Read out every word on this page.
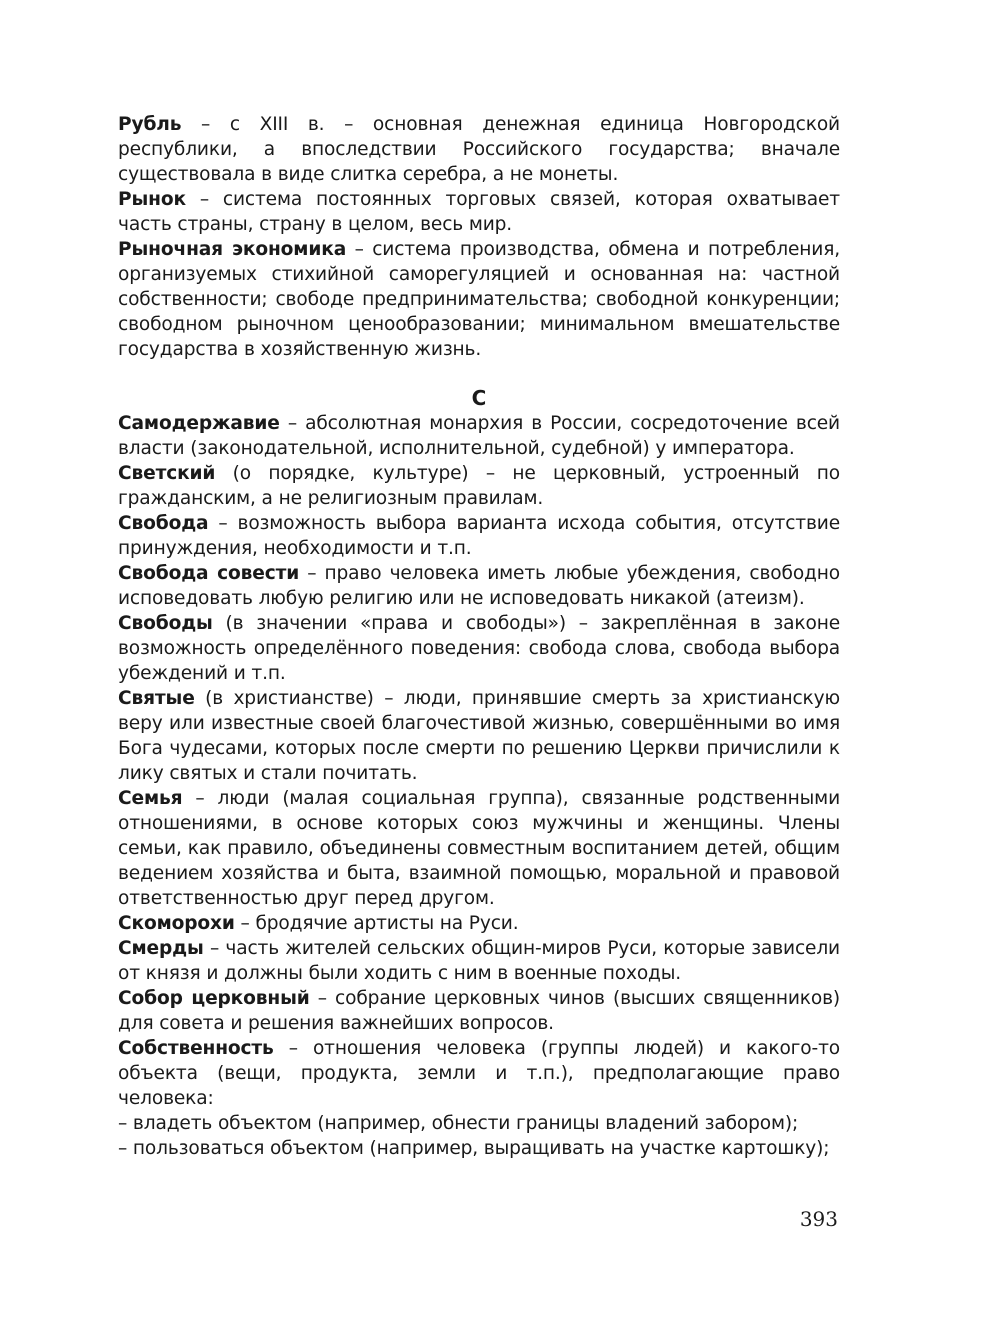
Рубль – с XIII в. – основная денежная единица Новгородской республики, а впоследствии Российского государства; вначале существовала в виде слитка серебра, а не монеты.

Рынок – система постоянных торговых связей, которая охватывает часть страны, страну в целом, весь мир.

Рыночная экономика – система производства, обмена и потребления, организуемых стихийной саморегуляцией и основанная на: частной собственности; свободе предпринимательства; свободной конкуренции; свободном рыночном ценообразовании; минимальном вмешательстве государства в хозяйственную жизнь.

С

Самодержавие – абсолютная монархия в России, сосредоточение всей власти (законодательной, исполнительной, судебной) у императора.

Светский (о порядке, культуре) – не церковный, устроенный по гражданским, а не религиозным правилам.

Свобода – возможность выбора варианта исхода события, отсутствие принуждения, необходимости и т.п.

Свобода совести – право человека иметь любые убеждения, свободно исповедовать любую религию или не исповедовать никакой (атеизм).

Свободы (в значении «права и свободы») – закреплённая в законе возможность определённого поведения: свобода слова, свобода выбора убеждений и т.п.

Святые (в христианстве) – люди, принявшие смерть за христианскую веру или известные своей благочестивой жизнью, совершёнными во имя Бога чудесами, которых после смерти по решению Церкви причислили к лику святых и стали почитать.

Семья – люди (малая социальная группа), связанные родственными отношениями, в основе которых союз мужчины и женщины. Члены семьи, как правило, объединены совместным воспитанием детей, общим ведением хозяйства и быта, взаимной помощью, моральной и правовой ответственностью друг перед другом.

Скоморохи – бродячие артисты на Руси.

Смерды – часть жителей сельских общин-миров Руси, которые зависели от князя и должны были ходить с ним в военные походы.

Собор церковный – собрание церковных чинов (высших священников) для совета и решения важнейших вопросов.

Собственность – отношения человека (группы людей) и какого-то объекта (вещи, продукта, земли и т.п.), предполагающие право человека:

– владеть объектом (например, обнести границы владений забором);

– пользоваться объектом (например, выращивать на участке картошку);

393
